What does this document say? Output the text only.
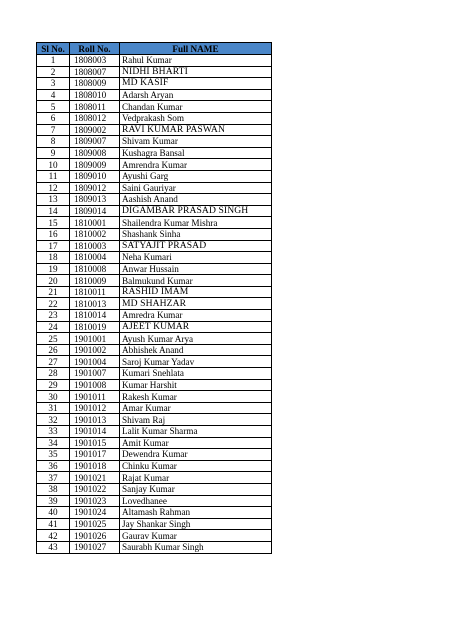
Sl No.	Roll No.	Full NAME
1	1808003	Rahul Kumar
2	1808007	NIDHI BHARTI
3	1808009	MD KASIF
4	1808010	Adarsh Aryan
5	1808011	Chandan Kumar
6	1808012	Vedprakash Som
7	1809002	RAVI KUMAR PASWAN
8	1809007	Shivam Kumar
9	1809008	Kushagra Bansal
10	1809009	Amrendra Kumar
11	1809010	Ayushi Garg
12	1809012	Saini Gauriyar
13	1809013	Aashish Anand
14	1809014	DIGAMBAR PRASAD SINGH
15	1810001	Shailendra Kumar Mishra
16	1810002	Shashank Sinha
17	1810003	SATYAJIT PRASAD
18	1810004	Neha Kumari
19	1810008	Anwar Hussain
20	1810009	Balmukund Kumar
21	1810011	RASHID IMAM
22	1810013	MD SHAHZAR
23	1810014	Amredra Kumar
24	1810019	AJEET KUMAR
25	1901001	Ayush Kumar Arya
26	1901002	Abhishek Anand
27	1901004	Saroj Kumar Yadav
28	1901007	Kumari Snehlata
29	1901008	Kumar Harshit
30	1901011	Rakesh Kumar
31	1901012	Amar Kumar
32	1901013	Shivam Raj
33	1901014	Lalit Kumar Sharma
34	1901015	Amit Kumar
35	1901017	Dewendra Kumar
36	1901018	Chinku Kumar
37	1901021	Rajat Kumar
38	1901022	Sanjay Kumar
39	1901023	Lovedhanee
40	1901024	Altamash Rahman
41	1901025	Jay Shankar Singh
42	1901026	Gaurav Kumar
43	1901027	Saurabh Kumar Singh
